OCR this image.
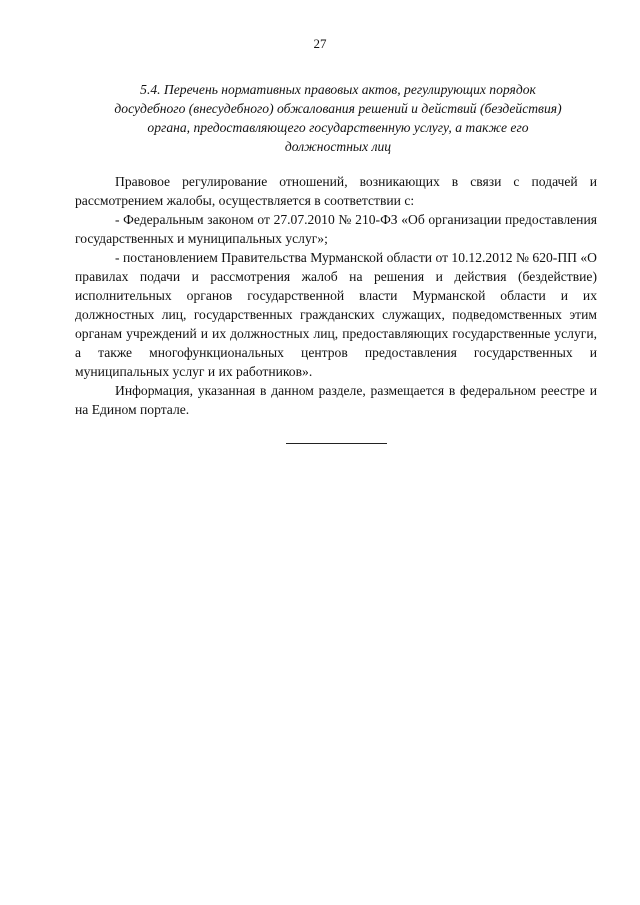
27
5.4. Перечень нормативных правовых актов, регулирующих порядок
досудебного (внесудебного) обжалования решений и действий (бездействия)
органа, предоставляющего государственную услугу, а также его
должностных лиц

Правовое регулирование отношений, возникающих в связи с подачей и рассмотрением жалобы, осуществляется в соответствии с:

- Федеральным законом от 27.07.2010 № 210-ФЗ «Об организации предоставления государственных и муниципальных услуг»;

- постановлением Правительства Мурманской области от 10.12.2012 № 620-ПП «О правилах подачи и рассмотрения жалоб на решения и действия (бездействие) исполнительных органов государственной власти Мурманской области и их должностных лиц, государственных гражданских служащих, подведомственных этим органам учреждений и их должностных лиц, предоставляющих государственные услуги, а также многофункциональных центров предоставления государственных и муниципальных услуг и их работников».

Информация, указанная в данном разделе, размещается в федеральном реестре и на Едином портале.
